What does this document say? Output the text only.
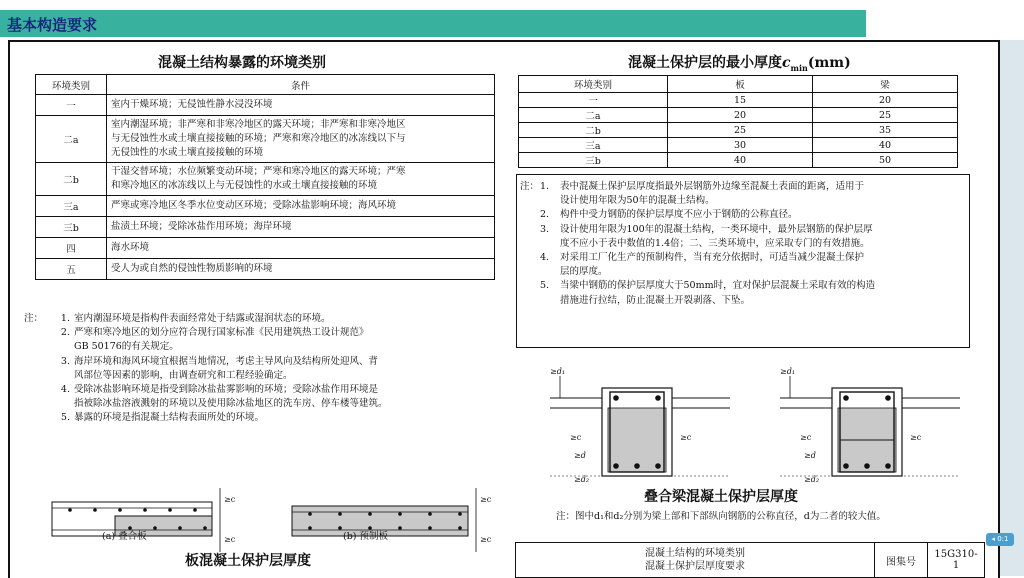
基本构造要求
混凝土结构暴露的环境类别
环境类别	条件
一	室内干燥环境；无侵蚀性静水浸没环境

二a	室内潮湿环境；非严寒和非寒冷地区的露天环境；非严寒和非寒冷地区
与无侵蚀性水或土壤直接接触的环境；严寒和寒冷地区的冰冻线以下与
无侵蚀性的水或土壤直接接触的环境

二b	干湿交替环境；水位频繁变动环境；严寒和寒冷地区的露天环境；严寒
和寒冷地区的冰冻线以上与无侵蚀性的水或土壤直接接触的环境

三a	严寒或寒冷地区冬季水位变动区环境；受除冰盐影响环境；海风环境

三b	盐渍土环境；受除冰盐作用环境；海岸环境

四	海水环境

五	受人为或自然的侵蚀性物质影响的环境
注： 1. 室内潮湿环境是指构件表面经常处于结露或湿润状态的环境。
2. 严寒和寒冷地区的划分应符合现行国家标准《民用建筑热工设计规范》
GB 50176的有关规定。
3. 海岸环境和海风环境宜根据当地情况，考虑主导风向及结构所处迎风、背
风部位等因素的影响，由调查研究和工程经验确定。
4. 受除冰盐影响环境是指受到除冰盐盐雾影响的环境；受除冰盐作用环境是
指被除冰盐溶液溅射的环境以及使用除冰盐地区的洗车房、停车楼等建筑。
5. 暴露的环境是指混凝土结构表面所处的环境。
≥c
≥c
≥c
≥c
(a) 叠合板	(b) 预制板
板混凝土保护层厚度
混凝土保护层的最小厚度$c_{min}(mm)$
环境类别	板	梁
一	15	20
二a	20	25
二b	25	35
三a	30	40
三b	40	50
注： 1. 表中混凝土保护层厚度指最外层钢筋外边缘至混凝土表面的距离，适用于
设计使用年限为50年的混凝土结构。
2. 构件中受力钢筋的保护层厚度不应小于钢筋的公称直径。
3. 设计使用年限为100年的混凝土结构，一类环境中，最外层钢筋的保护层厚
度不应小于表中数值的1.4倍；二、三类环境中，应采取专门的有效措施。
4. 对采用工厂化生产的预制构件，当有充分依据时，可适当减少混凝土保护
层的厚度。
5. 当梁中钢筋的保护层厚度大于50mm时，宜对保护层混凝土采取有效的构造
措施进行拉结，防止混凝土开裂剥落、下坠。
≥d₁
≥c	≥c
≥d
≥d₂
≥d₁
≥c	≥c
≥d
≥d₂
叠合梁混凝土保护层厚度
注：图中d₁和d₂分别为梁上部和下部纵向钢筋的公称直径，d为二者的较大值。
混凝土结构的环境类别
混凝土保护层厚度要求	图集号	15G310-1
◂ 0:1
